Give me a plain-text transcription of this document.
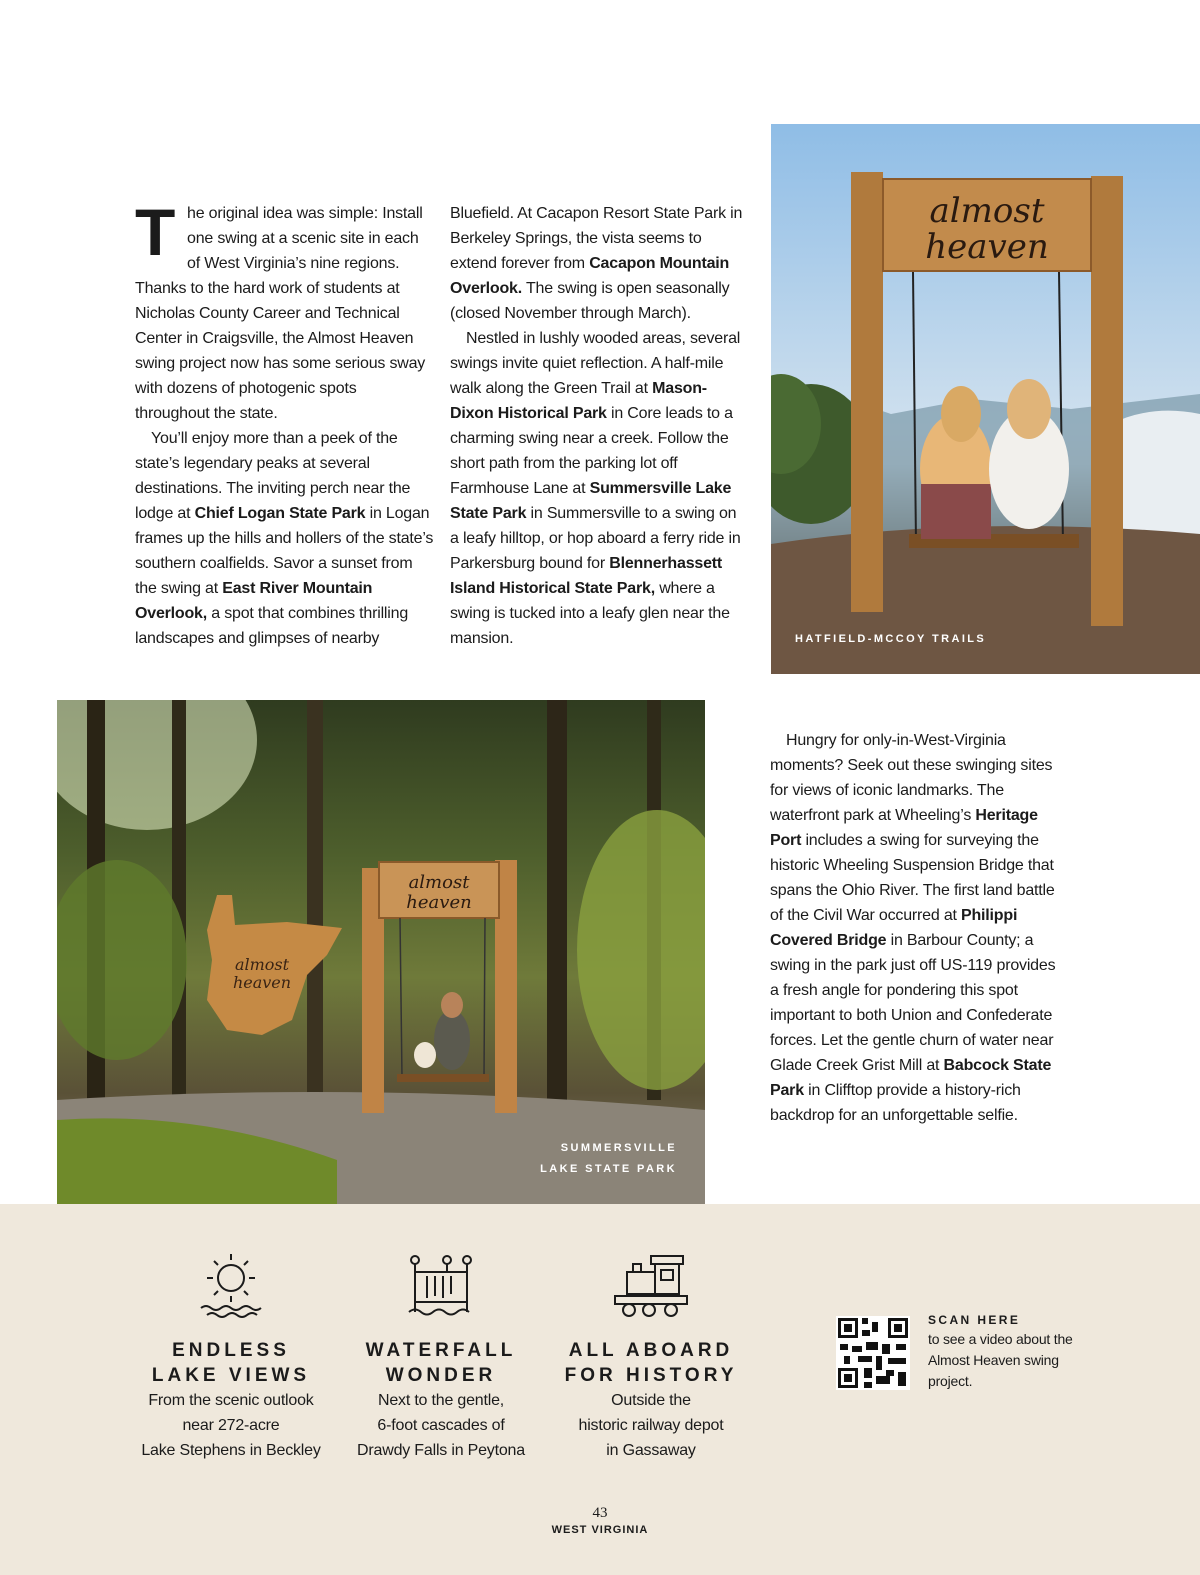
The original idea was simple: Install one swing at a scenic site in each of West Virginia’s nine regions. Thanks to the hard work of students at Nicholas County Career and Technical Center in Craigsville, the Almost Heaven swing project now has some serious sway with dozens of photogenic spots throughout the state.

You’ll enjoy more than a peek of the state’s legendary peaks at several destinations. The inviting perch near the lodge at Chief Logan State Park in Logan frames up the hills and hollers of the state’s southern coalfields. Savor a sunset from the swing at East River Mountain Overlook, a spot that combines thrilling landscapes and glimpses of nearby

Bluefield. At Cacapon Resort State Park in Berkeley Springs, the vista seems to extend forever from Cacapon Mountain Overlook. The swing is open seasonally (closed November through March).

Nestled in lushly wooded areas, several swings invite quiet reflection. A half-mile walk along the Green Trail at Mason-Dixon Historical Park in Core leads to a charming swing near a creek. Follow the short path from the parking lot off Farmhouse Lane at Summersville Lake State Park in Summersville to a swing on a leafy hilltop, or hop aboard a ferry ride in Parkersburg bound for Blennerhassett Island Historical State Park, where a swing is tucked into a leafy glen near the mansion.

almost
heaven
HATFIELD-MCCOY TRAILS
almost
heaven
almost
heaven
SUMMERSVILLE
LAKE STATE PARK

Hungry for only-in-West-Virginia moments? Seek out these swinging sites for views of iconic landmarks. The waterfront park at Wheeling’s Heritage Port includes a swing for surveying the historic Wheeling Suspension Bridge that spans the Ohio River. The first land battle of the Civil War occurred at Philippi Covered Bridge in Barbour County; a swing in the park just off US-119 provides a fresh angle for pondering this spot important to both Union and Confederate forces. Let the gentle churn of water near Glade Creek Grist Mill at Babcock State Park in Clifftop provide a history-rich backdrop for an unforgettable selfie.

ENDLESS
LAKE VIEWS
From the scenic outlook
near 272-acre
Lake Stephens in Beckley
WATERFALL
WONDER
Next to the gentle,
6-foot cascades of
Drawdy Falls in Peytona
ALL ABOARD
FOR HISTORY
Outside the
historic railway depot
in Gassaway
SCAN HERE
to see a video about the Almost Heaven swing project.
43
WEST VIRGINIA
